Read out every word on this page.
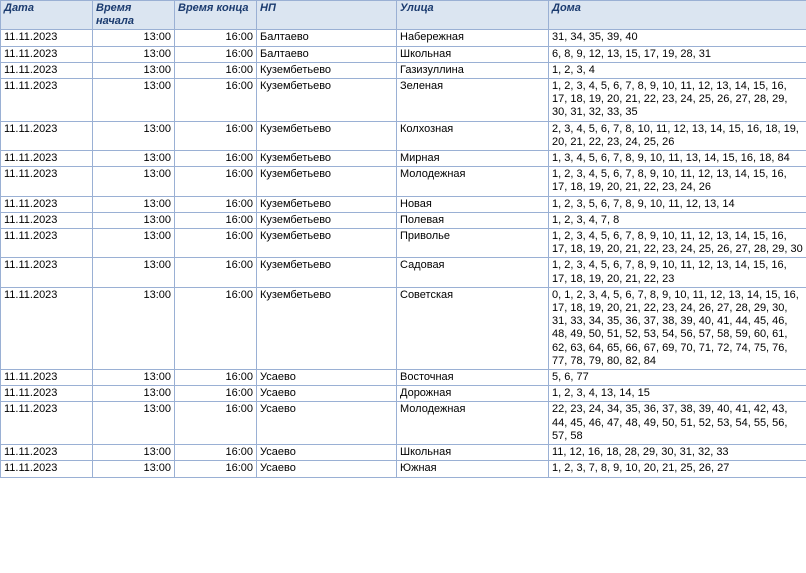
Дата	Время начала	Время конца	НП	Улица	Дома
11.11.2023	13:00	16:00	Балтаево	Набережная	31, 34, 35, 39, 40
11.11.2023	13:00	16:00	Балтаево	Школьная	6, 8, 9, 12, 13, 15, 17, 19, 28, 31
11.11.2023	13:00	16:00	Кузембетьево	Газизуллина	1, 2, 3, 4
11.11.2023	13:00	16:00	Кузембетьево	Зеленая	1, 2, 3, 4, 5, 6, 7, 8, 9, 10, 11, 12, 13, 14, 15, 16, 17, 18, 19, 20, 21, 22, 23, 24, 25, 26, 27, 28, 29, 30, 31, 32, 33, 35
11.11.2023	13:00	16:00	Кузембетьево	Колхозная	2, 3, 4, 5, 6, 7, 8, 10, 11, 12, 13, 14, 15, 16, 18, 19, 20, 21, 22, 23, 24, 25, 26
11.11.2023	13:00	16:00	Кузембетьево	Мирная	1, 3, 4, 5, 6, 7, 8, 9, 10, 11, 13, 14, 15, 16, 18, 84
11.11.2023	13:00	16:00	Кузембетьево	Молодежная	1, 2, 3, 4, 5, 6, 7, 8, 9, 10, 11, 12, 13, 14, 15, 16, 17, 18, 19, 20, 21, 22, 23, 24, 26
11.11.2023	13:00	16:00	Кузембетьево	Новая	1, 2, 3, 5, 6, 7, 8, 9, 10, 11, 12, 13, 14
11.11.2023	13:00	16:00	Кузембетьево	Полевая	1, 2, 3, 4, 7, 8
11.11.2023	13:00	16:00	Кузембетьево	Приволье	1, 2, 3, 4, 5, 6, 7, 8, 9, 10, 11, 12, 13, 14, 15, 16, 17, 18, 19, 20, 21, 22, 23, 24, 25, 26, 27, 28, 29, 30
11.11.2023	13:00	16:00	Кузембетьево	Садовая	1, 2, 3, 4, 5, 6, 7, 8, 9, 10, 11, 12, 13, 14, 15, 16, 17, 18, 19, 20, 21, 22, 23
11.11.2023	13:00	16:00	Кузембетьево	Советская	0, 1, 2, 3, 4, 5, 6, 7, 8, 9, 10, 11, 12, 13, 14, 15, 16, 17, 18, 19, 20, 21, 22, 23, 24, 26, 27, 28, 29, 30, 31, 33, 34, 35, 36, 37, 38, 39, 40, 41, 44, 45, 46, 48, 49, 50, 51, 52, 53, 54, 56, 57, 58, 59, 60, 61, 62, 63, 64, 65, 66, 67, 69, 70, 71, 72, 74, 75, 76, 77, 78, 79, 80, 82, 84
11.11.2023	13:00	16:00	Усаево	Восточная	5, 6, 77
11.11.2023	13:00	16:00	Усаево	Дорожная	1, 2, 3, 4, 13, 14, 15
11.11.2023	13:00	16:00	Усаево	Молодежная	22, 23, 24, 34, 35, 36, 37, 38, 39, 40, 41, 42, 43, 44, 45, 46, 47, 48, 49, 50, 51, 52, 53, 54, 55, 56, 57, 58
11.11.2023	13:00	16:00	Усаево	Школьная	11, 12, 16, 18, 28, 29, 30, 31, 32, 33
11.11.2023	13:00	16:00	Усаево	Южная	1, 2, 3, 7, 8, 9, 10, 20, 21, 25, 26, 27
